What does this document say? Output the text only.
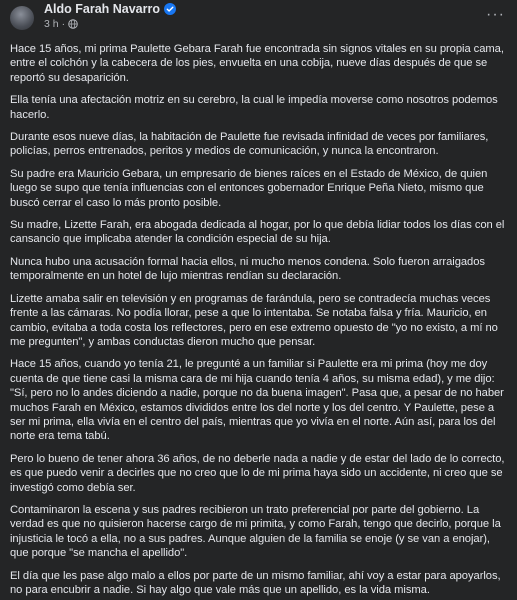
Aldo Farah Navarro
3 h ·
···

Hace 15 años, mi prima Paulette Gebara Farah fue encontrada sin signos vitales en su propia cama, entre el colchón y la cabecera de los pies, envuelta en una cobija, nueve días después de que se reportó su desaparición.

Ella tenía una afectación motriz en su cerebro, la cual le impedía moverse como nosotros podemos hacerlo.

Durante esos nueve días, la habitación de Paulette fue revisada infinidad de veces por familiares, policías, perros entrenados, peritos y medios de comunicación, y nunca la encontraron.

Su padre era Mauricio Gebara, un empresario de bienes raíces en el Estado de México, de quien luego se supo que tenía influencias con el entonces gobernador Enrique Peña Nieto, mismo que buscó cerrar el caso lo más pronto posible.

Su madre, Lizette Farah, era abogada dedicada al hogar, por lo que debía lidiar todos los días con el cansancio que implicaba atender la condición especial de su hija.

Nunca hubo una acusación formal hacia ellos, ni mucho menos condena. Solo fueron arraigados temporalmente en un hotel de lujo mientras rendían su declaración.

Lizette amaba salir en televisión y en programas de farándula, pero se contradecía muchas veces frente a las cámaras. No podía llorar, pese a que lo intentaba. Se notaba falsa y fría. Mauricio, en cambio, evitaba a toda costa los reflectores, pero en ese extremo opuesto de "yo no existo, a mí no me pregunten", y ambas conductas dieron mucho que pensar.

Hace 15 años, cuando yo tenía 21, le pregunté a un familiar si Paulette era mi prima (hoy me doy cuenta de que tiene casi la misma cara de mi hija cuando tenía 4 años, su misma edad), y me dijo: "Sí, pero no lo andes diciendo a nadie, porque no da buena imagen". Pasa que, a pesar de no haber muchos Farah en México, estamos divididos entre los del norte y los del centro. Y Paulette, pese a ser mi prima, ella vivía en el centro del país, mientras que yo vivía en el norte. Aún así, para los del norte era tema tabú.

Pero lo bueno de tener ahora 36 años, de no deberle nada a nadie y de estar del lado de lo correcto, es que puedo venir a decirles que no creo que lo de mi prima haya sido un accidente, ni creo que se investigó como debía ser.

Contaminaron la escena y sus padres recibieron un trato preferencial por parte del gobierno. La verdad es que no quisieron hacerse cargo de mi primita, y como Farah, tengo que decirlo, porque la injusticia le tocó a ella, no a sus padres. Aunque alguien de la familia se enoje (y se van a enojar), que porque "se mancha el apellido".

El día que les pase algo malo a ellos por parte de un mismo familiar, ahí voy a estar para apoyarlos, no para encubrir a nadie. Si hay algo que vale más que un apellido, es la vida misma.
